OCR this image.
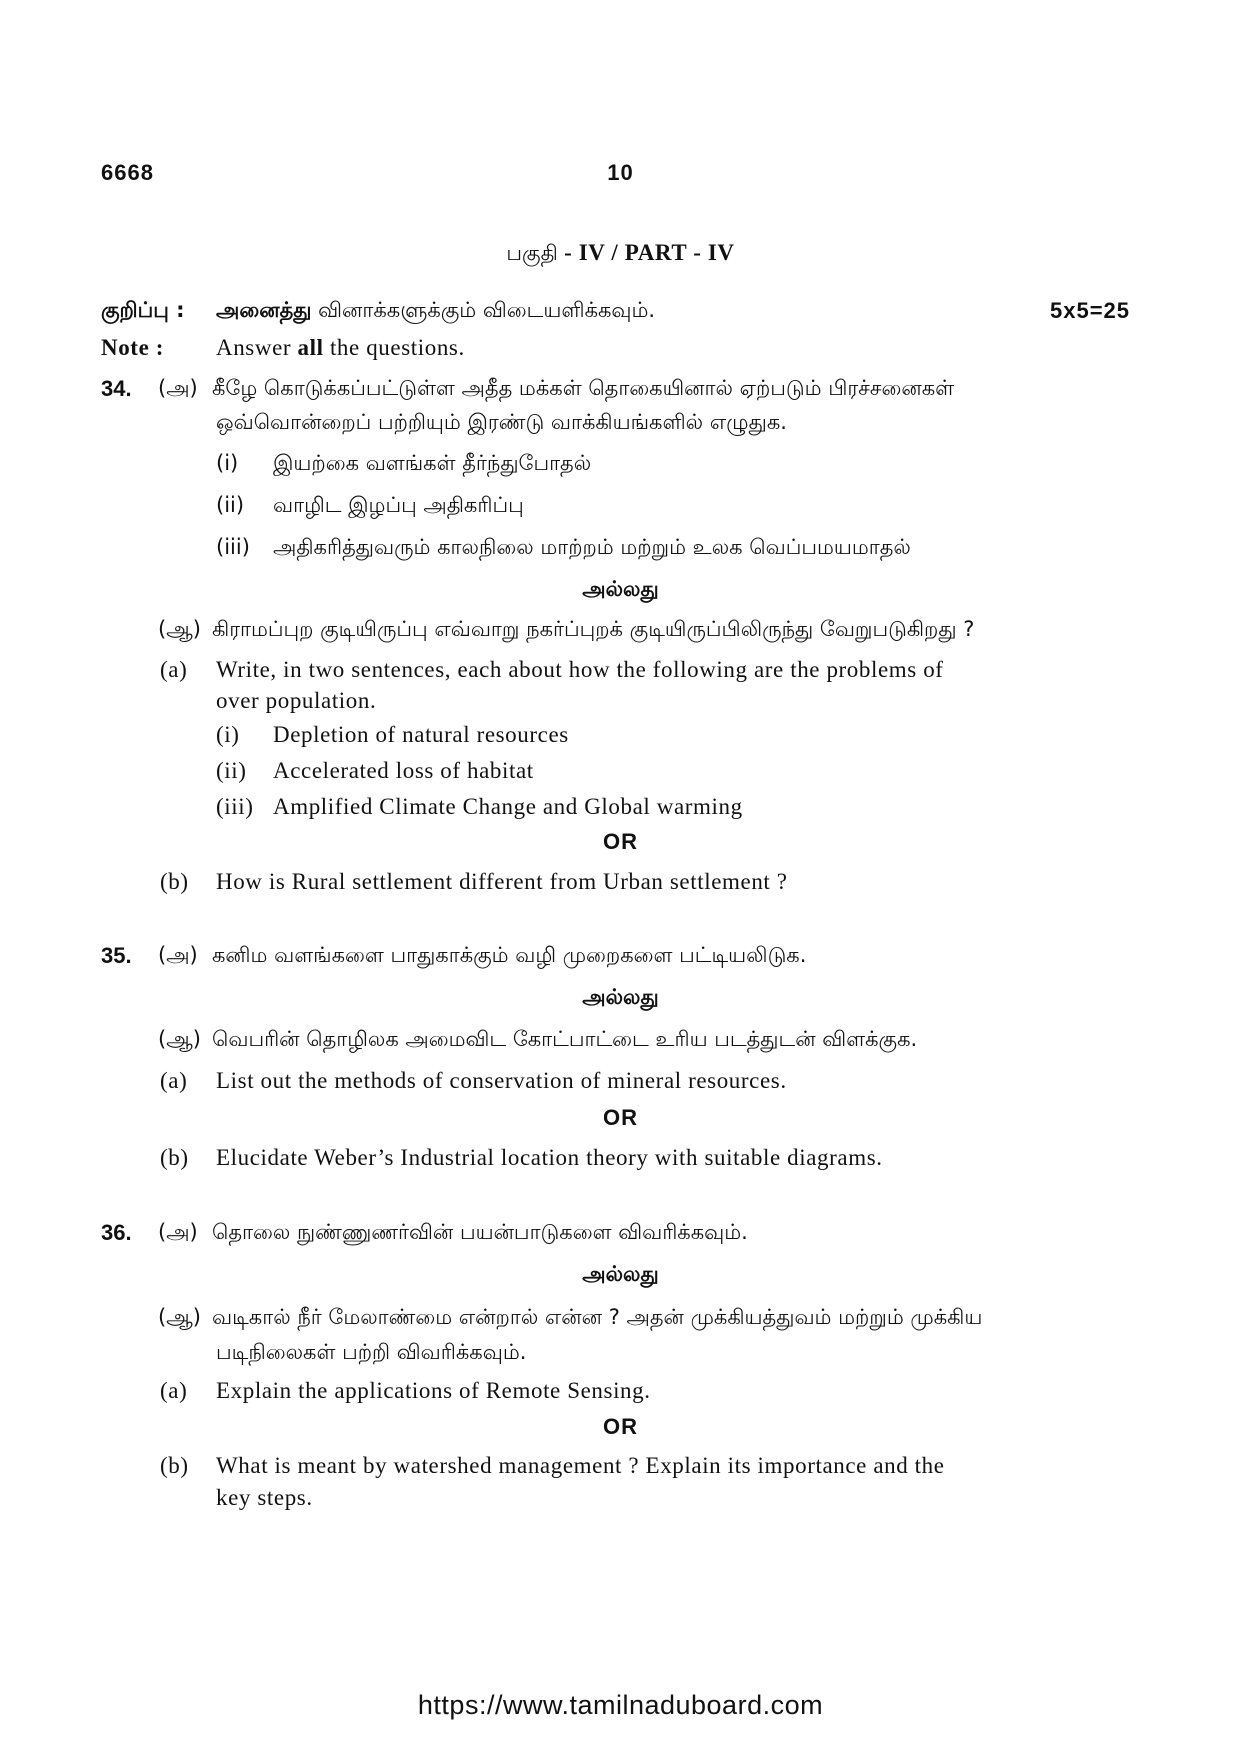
6668	10
பகுதி - IV / PART - IV
குறிப்பு : அனைத்து வினாக்களுக்கும் விடையளிக்கவும்.	5x5=25
Note : Answer all the questions.
34. (அ) கீழே கொடுக்கப்பட்டுள்ள அதீத மக்கள் தொகையினால் ஏற்படும் பிரச்சனைகள்
ஒவ்வொன்றைப் பற்றியும் இரண்டு வாக்கியங்களில் எழுதுக.
(i) இயற்கை வளங்கள் தீர்ந்துபோதல்
(ii) வாழிட இழப்பு அதிகரிப்பு
(iii) அதிகரித்துவரும் காலநிலை மாற்றம் மற்றும் உலக வெப்பமயமாதல்
அல்லது
(ஆ) கிராமப்புற குடியிருப்பு எவ்வாறு நகர்ப்புறக் குடியிருப்பிலிருந்து வேறுபடுகிறது ?
(a) Write, in two sentences, each about how the following are the problems of
over population.
(i) Depletion of natural resources
(ii) Accelerated loss of habitat
(iii) Amplified Climate Change and Global warming
OR
(b) How is Rural settlement different from Urban settlement ?
35. (அ) கனிம வளங்களை பாதுகாக்கும் வழி முறைகளை பட்டியலிடுக.
அல்லது
(ஆ) வெபரின் தொழிலக அமைவிட கோட்பாட்டை உரிய படத்துடன் விளக்குக.
(a) List out the methods of conservation of mineral resources.
OR
(b) Elucidate Weber’s Industrial location theory with suitable diagrams.
36. (அ) தொலை நுண்ணுணர்வின் பயன்பாடுகளை விவரிக்கவும்.
அல்லது
(ஆ) வடிகால் நீர் மேலாண்மை என்றால் என்ன ? அதன் முக்கியத்துவம் மற்றும் முக்கிய
படிநிலைகள் பற்றி விவரிக்கவும்.
(a) Explain the applications of Remote Sensing.
OR
(b) What is meant by watershed management ? Explain its importance and the
key steps.
https://www.tamilnaduboard.com
